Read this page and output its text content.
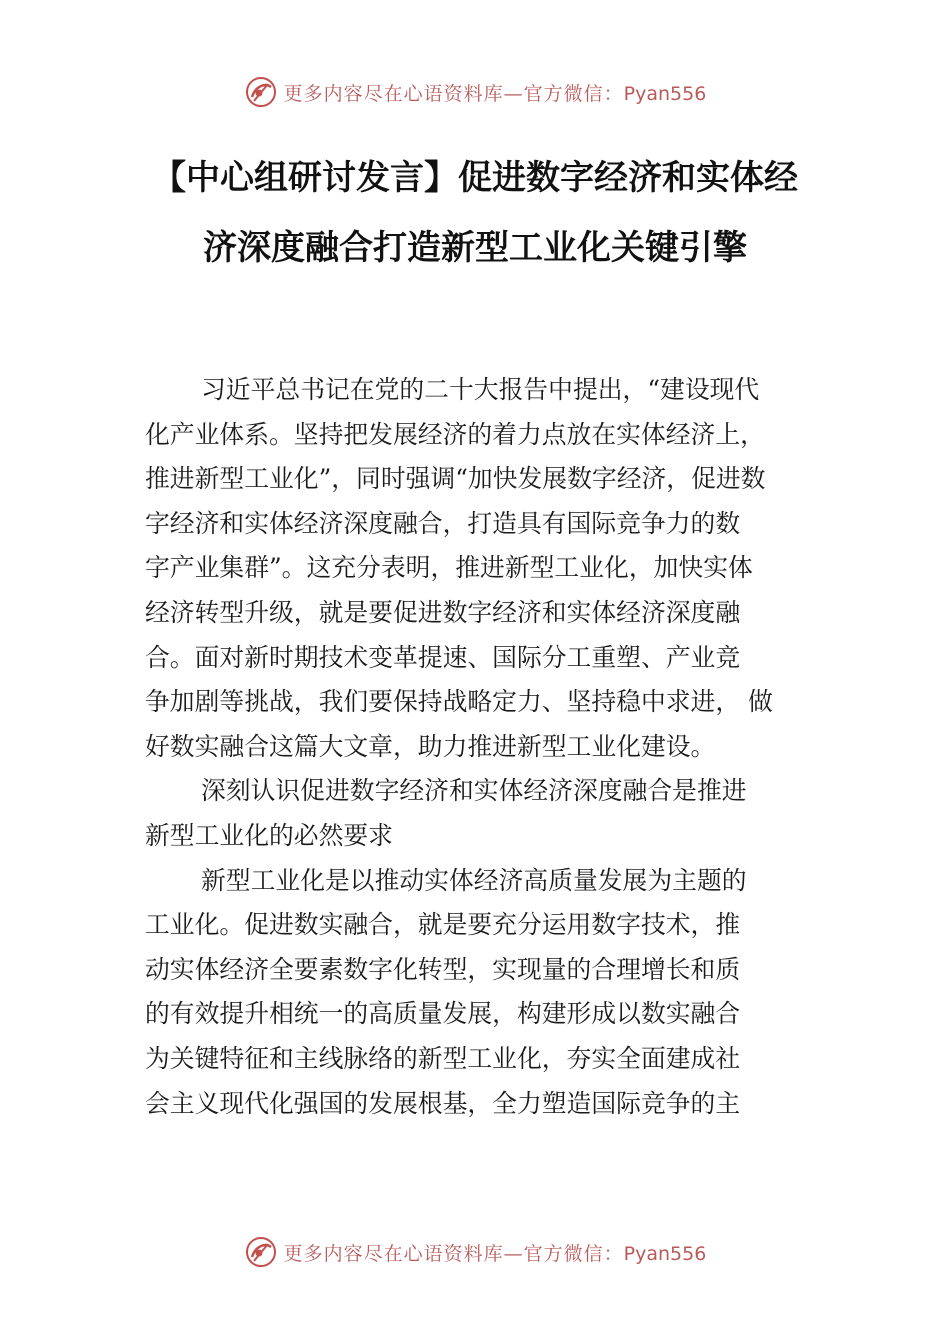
更多内容尽在心语资料库—官方微信：Pyan556
【中心组研讨发言】促进数字经济和实体经
济深度融合打造新型工业化关键引擎
习近平总书记在党的二十大报告中提出，“建设现代
化产业体系。坚持把发展经济的着力点放在实体经济上，
推进新型工业化”，同时强调“加快发展数字经济，促进数
字经济和实体经济深度融合，打造具有国际竞争力的数
字产业集群”。这充分表明，推进新型工业化，加快实体
经济转型升级，就是要促进数字经济和实体经济深度融
合。面对新时期技术变革提速、国际分工重塑、产业竞
争加剧等挑战，我们要保持战略定力、坚持稳中求进， 做
好数实融合这篇大文章，助力推进新型工业化建设。
深刻认识促进数字经济和实体经济深度融合是推进
新型工业化的必然要求
新型工业化是以推动实体经济高质量发展为主题的
工业化。促进数实融合，就是要充分运用数字技术，推
动实体经济全要素数字化转型，实现量的合理增长和质
的有效提升相统一的高质量发展，构建形成以数实融合
为关键特征和主线脉络的新型工业化，夯实全面建成社
会主义现代化强国的发展根基，全力塑造国际竞争的主
更多内容尽在心语资料库—官方微信：Pyan556
